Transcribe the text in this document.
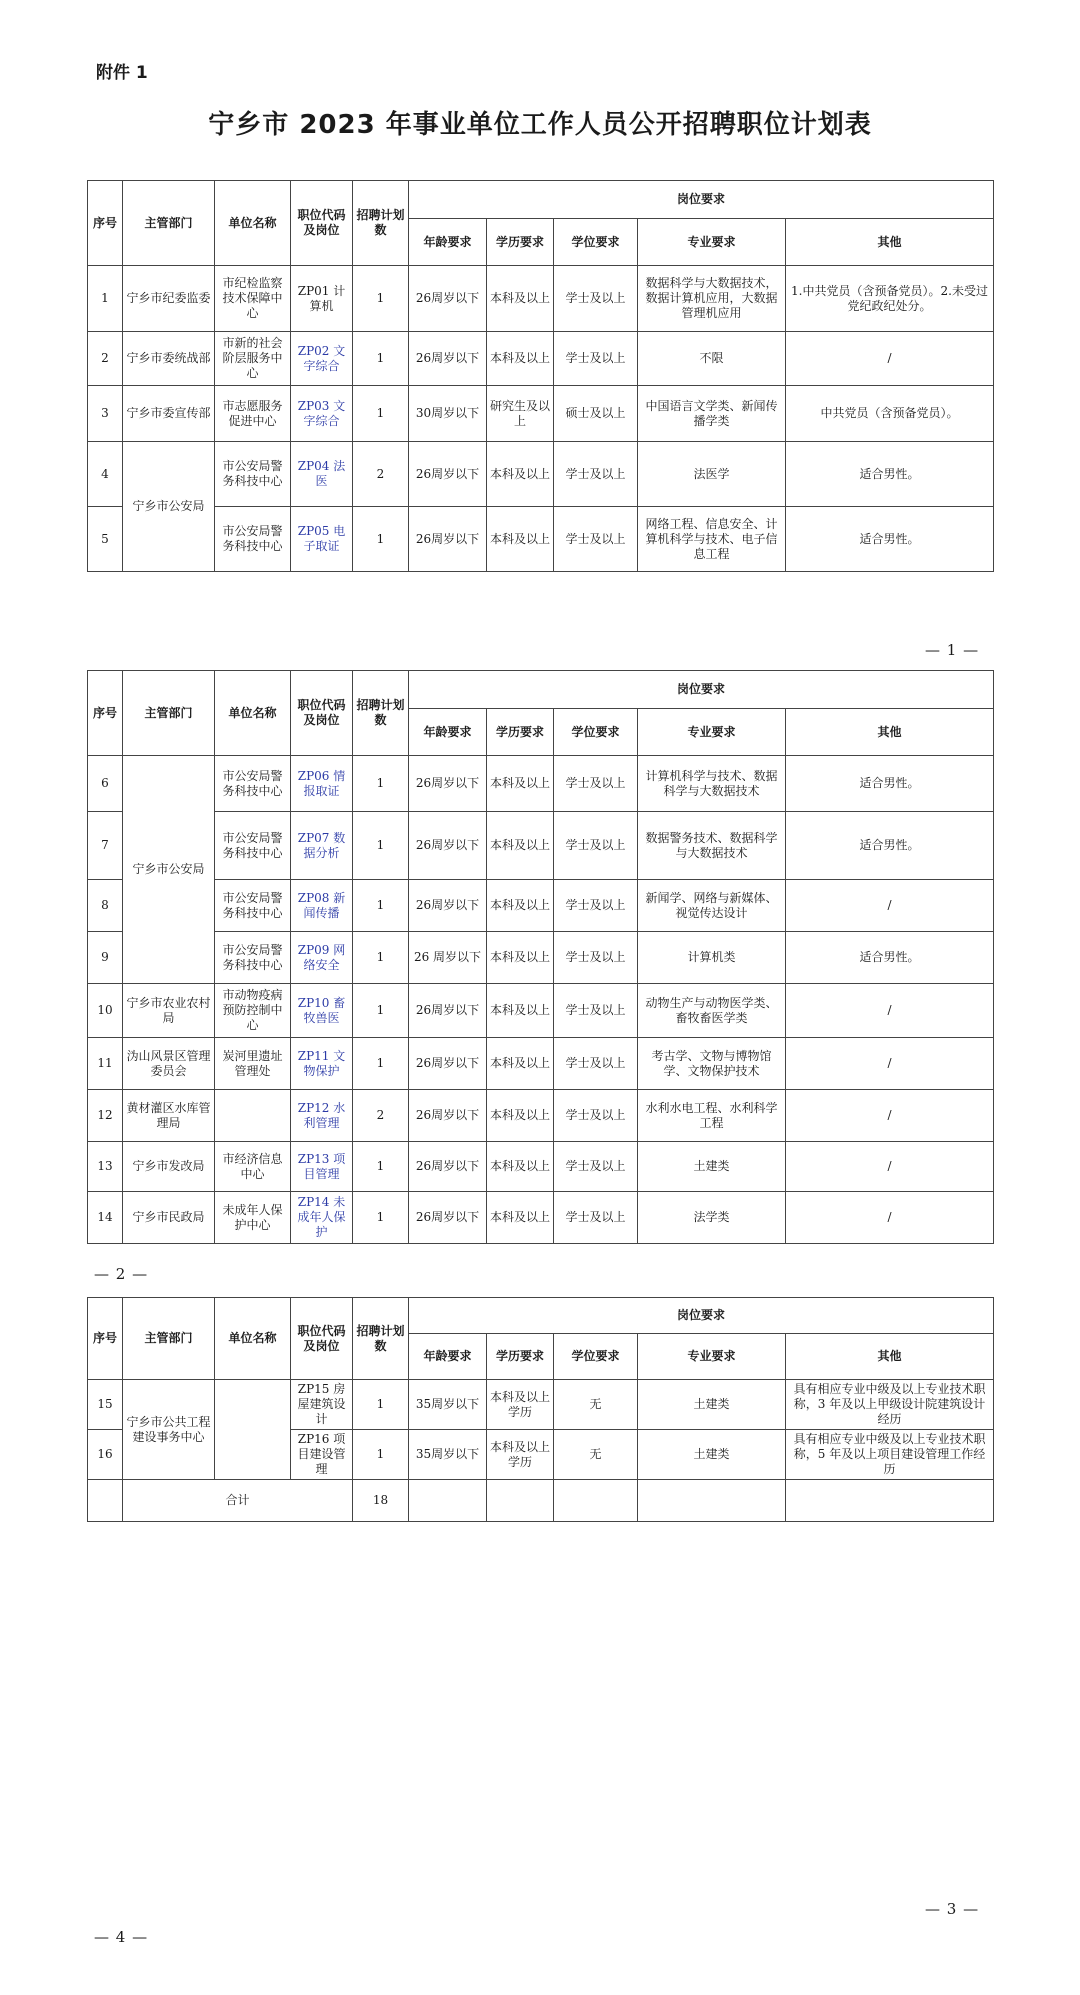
附件 1
宁乡市 2023 年事业单位工作人员公开招聘职位计划表
序号	主管部门	单位名称	职位代码及岗位	招聘计划数	岗位要求				
					年龄要求	学历要求	学位要求	专业要求	其他
1	宁乡市纪委监委	市纪检监察技术保障中心	ZP01 计算机	1	26周岁以下	本科及以上	学士及以上	数据科学与大数据技术，数据计算机应用，大数据管理机应用	1.中共党员（含预备党员）。2.未受过党纪政纪处分。
2	宁乡市委统战部	市新的社会阶层服务中心	ZP02 文字综合	1	26周岁以下	本科及以上	学士及以上	不限	/
3	宁乡市委宣传部	市志愿服务促进中心	ZP03 文字综合	1	30周岁以下	研究生及以上	硕士及以上	中国语言文学类、新闻传播学类	中共党员（含预备党员）。
4	宁乡市公安局	市公安局警务科技中心	ZP04 法医	2	26周岁以下	本科及以上	学士及以上	法医学	适合男性。
5		市公安局警务科技中心	ZP05 电子取证	1	26周岁以下	本科及以上	学士及以上	网络工程、信息安全、计算机科学与技术、电子信息工程	适合男性。
— 1 —
序号	主管部门	单位名称	职位代码及岗位	招聘计划数	岗位要求				
					年龄要求	学历要求	学位要求	专业要求	其他
6	宁乡市公安局	市公安局警务科技中心	ZP06 情报取证	1	26周岁以下	本科及以上	学士及以上	计算机科学与技术、数据科学与大数据技术	适合男性。
7		市公安局警务科技中心	ZP07 数据分析	1	26周岁以下	本科及以上	学士及以上	数据警务技术、数据科学与大数据技术	适合男性。
8		市公安局警务科技中心	ZP08 新闻传播	1	26周岁以下	本科及以上	学士及以上	新闻学、网络与新媒体、视觉传达设计	/
9		市公安局警务科技中心	ZP09 网络安全	1	26 周岁以下	本科及以上	学士及以上	计算机类	适合男性。
10	宁乡市农业农村局	市动物疫病预防控制中心	ZP10 畜牧兽医	1	26周岁以下	本科及以上	学士及以上	动物生产与动物医学类、畜牧畜医学类	/
11	沩山风景区管理委员会	炭河里遗址管理处	ZP11 文物保护	1	26周岁以下	本科及以上	学士及以上	考古学、文物与博物馆学、文物保护技术	/
12	黄材灌区水库管理局		ZP12 水利管理	2	26周岁以下	本科及以上	学士及以上	水利水电工程、水利科学工程	/
13	宁乡市发改局	市经济信息中心	ZP13 项目管理	1	26周岁以下	本科及以上	学士及以上	土建类	/
14	宁乡市民政局	未成年人保护中心	ZP14 未成年人保护	1	26周岁以下	本科及以上	学士及以上	法学类	/
— 2 —
序号	主管部门	单位名称	职位代码及岗位	招聘计划数	岗位要求				
					年龄要求	学历要求	学位要求	专业要求	其他
15	宁乡市公共工程建设事务中心		ZP15 房屋建筑设计	1	35周岁以下	本科及以上学历	无	土建类	具有相应专业中级及以上专业技术职称，3 年及以上甲级设计院建筑设计经历
16			ZP16 项目建设管理	1	35周岁以下	本科及以上学历	无	土建类	具有相应专业中级及以上专业技术职称，5 年及以上项目建设管理工作经历
	合计			18					
— 3 —
— 4 —
